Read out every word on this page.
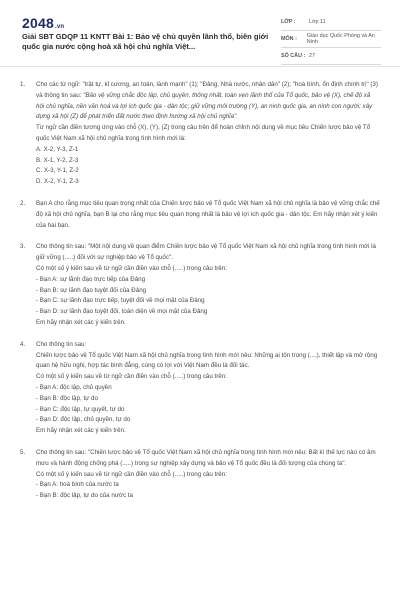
2048.vn
Giải SBT GDQP 11 KNTT Bài 1: Bảo vệ chủ quyền lãnh thổ, biên giới quốc gia nước cộng hoà xã hội chủ nghĩa Việt...
LỚP :	Lớp 11
MÔN :	Giáo dục Quốc Phòng và An Ninh
SỐ CÂU : 27
1.	Cho các từ ngữ: "trật tự, kỉ cương, an toàn, lành mạnh" (1); "Đảng, Nhà nước, nhân dân" (2); "hoà bình, ổn định chính trị" (3) và thông tin sau: "Bảo vệ vững chắc độc lập, chủ quyền, thống nhất, toàn vẹn lãnh thổ của Tổ quốc, bảo vệ (X), chế độ xã hội chủ nghĩa, nền văn hoá và lợi ích quốc gia - dân tộc; giữ vững môi trường (Y), an ninh quốc gia, an ninh con người; xây dựng xã hội (Z) để phát triển đất nước theo định hướng xã hội chủ nghĩa".

Từ ngữ cần điền tương ứng vào chỗ (X), (Y), (Z) trong câu trên để hoàn chỉnh nội dung về mục tiêu Chiến lược bảo vệ Tổ quốc Việt Nam xã hội chủ nghĩa trong tình hình mới là:

A. X-2, Y-3, Z-1

B. X-1, Y-2, Z-3

C. X-3, Y-1, Z-2

D. X-2, Y-1, Z-3

2.	Bạn A cho rằng mục tiêu quan trọng nhất của Chiến lược bảo vệ Tổ quốc Việt Nam xã hội chủ nghĩa là bảo vệ vững chắc chế độ xã hội chủ nghĩa, bạn B lại cho rằng mục tiêu quan trọng nhất là bảo vệ lợi ích quốc gia - dân tộc. Em hãy nhận xét ý kiến của hai bạn.

3.	Cho thông tin sau: "Một nội dung về quan điểm Chiến lược bảo vệ Tổ quốc Việt Nam xã hội chủ nghĩa trong tình hình mới là giữ vững (.....) đối với sự nghiệp bảo vệ Tổ quốc".

Có một số ý kiến sau về từ ngữ cần điền vào chỗ (.....) trong câu trên:

- Bạn A: sự lãnh đạo trực tiếp của Đảng

- Bạn B: sự lãnh đạo tuyệt đối của Đảng

- Bạn C: sự lãnh đạo trực tiếp, tuyệt đối về mọi mặt của Đảng

- Bạn D: sự lãnh đạo tuyệt đối, toàn diện về mọi mặt của Đảng

Em hãy nhận xét các ý kiến trên.

4.	Cho thông tin sau:

Chiến lược bảo vệ Tổ quốc Việt Nam xã hội chủ nghĩa trong tình hình mới nêu: Những ai tôn trọng (....), thiết lập và mở rộng quan hệ hữu nghị, hợp tác bình đẳng, cùng có lợi với Việt Nam đều là đối tác.

Có một số ý kiến sau về từ ngữ cần điền vào chỗ (.....) trong câu trên:

- Bạn A: độc lập, chủ quyền

- Bạn B: độc lập, tự do

- Bạn C: độc lập, tự quyết, tự do

- Bạn D: độc lập, chủ quyền, tự do

Em hãy nhận xét các ý kiến trên.

5.	Cho thông tin sau: "Chiến lược bảo vệ Tổ quốc Việt Nam xã hội chủ nghĩa trong tình hình mới nêu: Bất kì thế lực nào có âm mưu và hành động chống phá (.....) trong sự nghiệp xây dựng và bảo vệ Tổ quốc đều là đối tượng của chúng ta".

Có một số ý kiến sau về từ ngữ cần điền vào chỗ (.....) trong câu trên:

- Bạn A: hoà bình của nước ta

- Bạn B: độc lập, tự do của nước ta
